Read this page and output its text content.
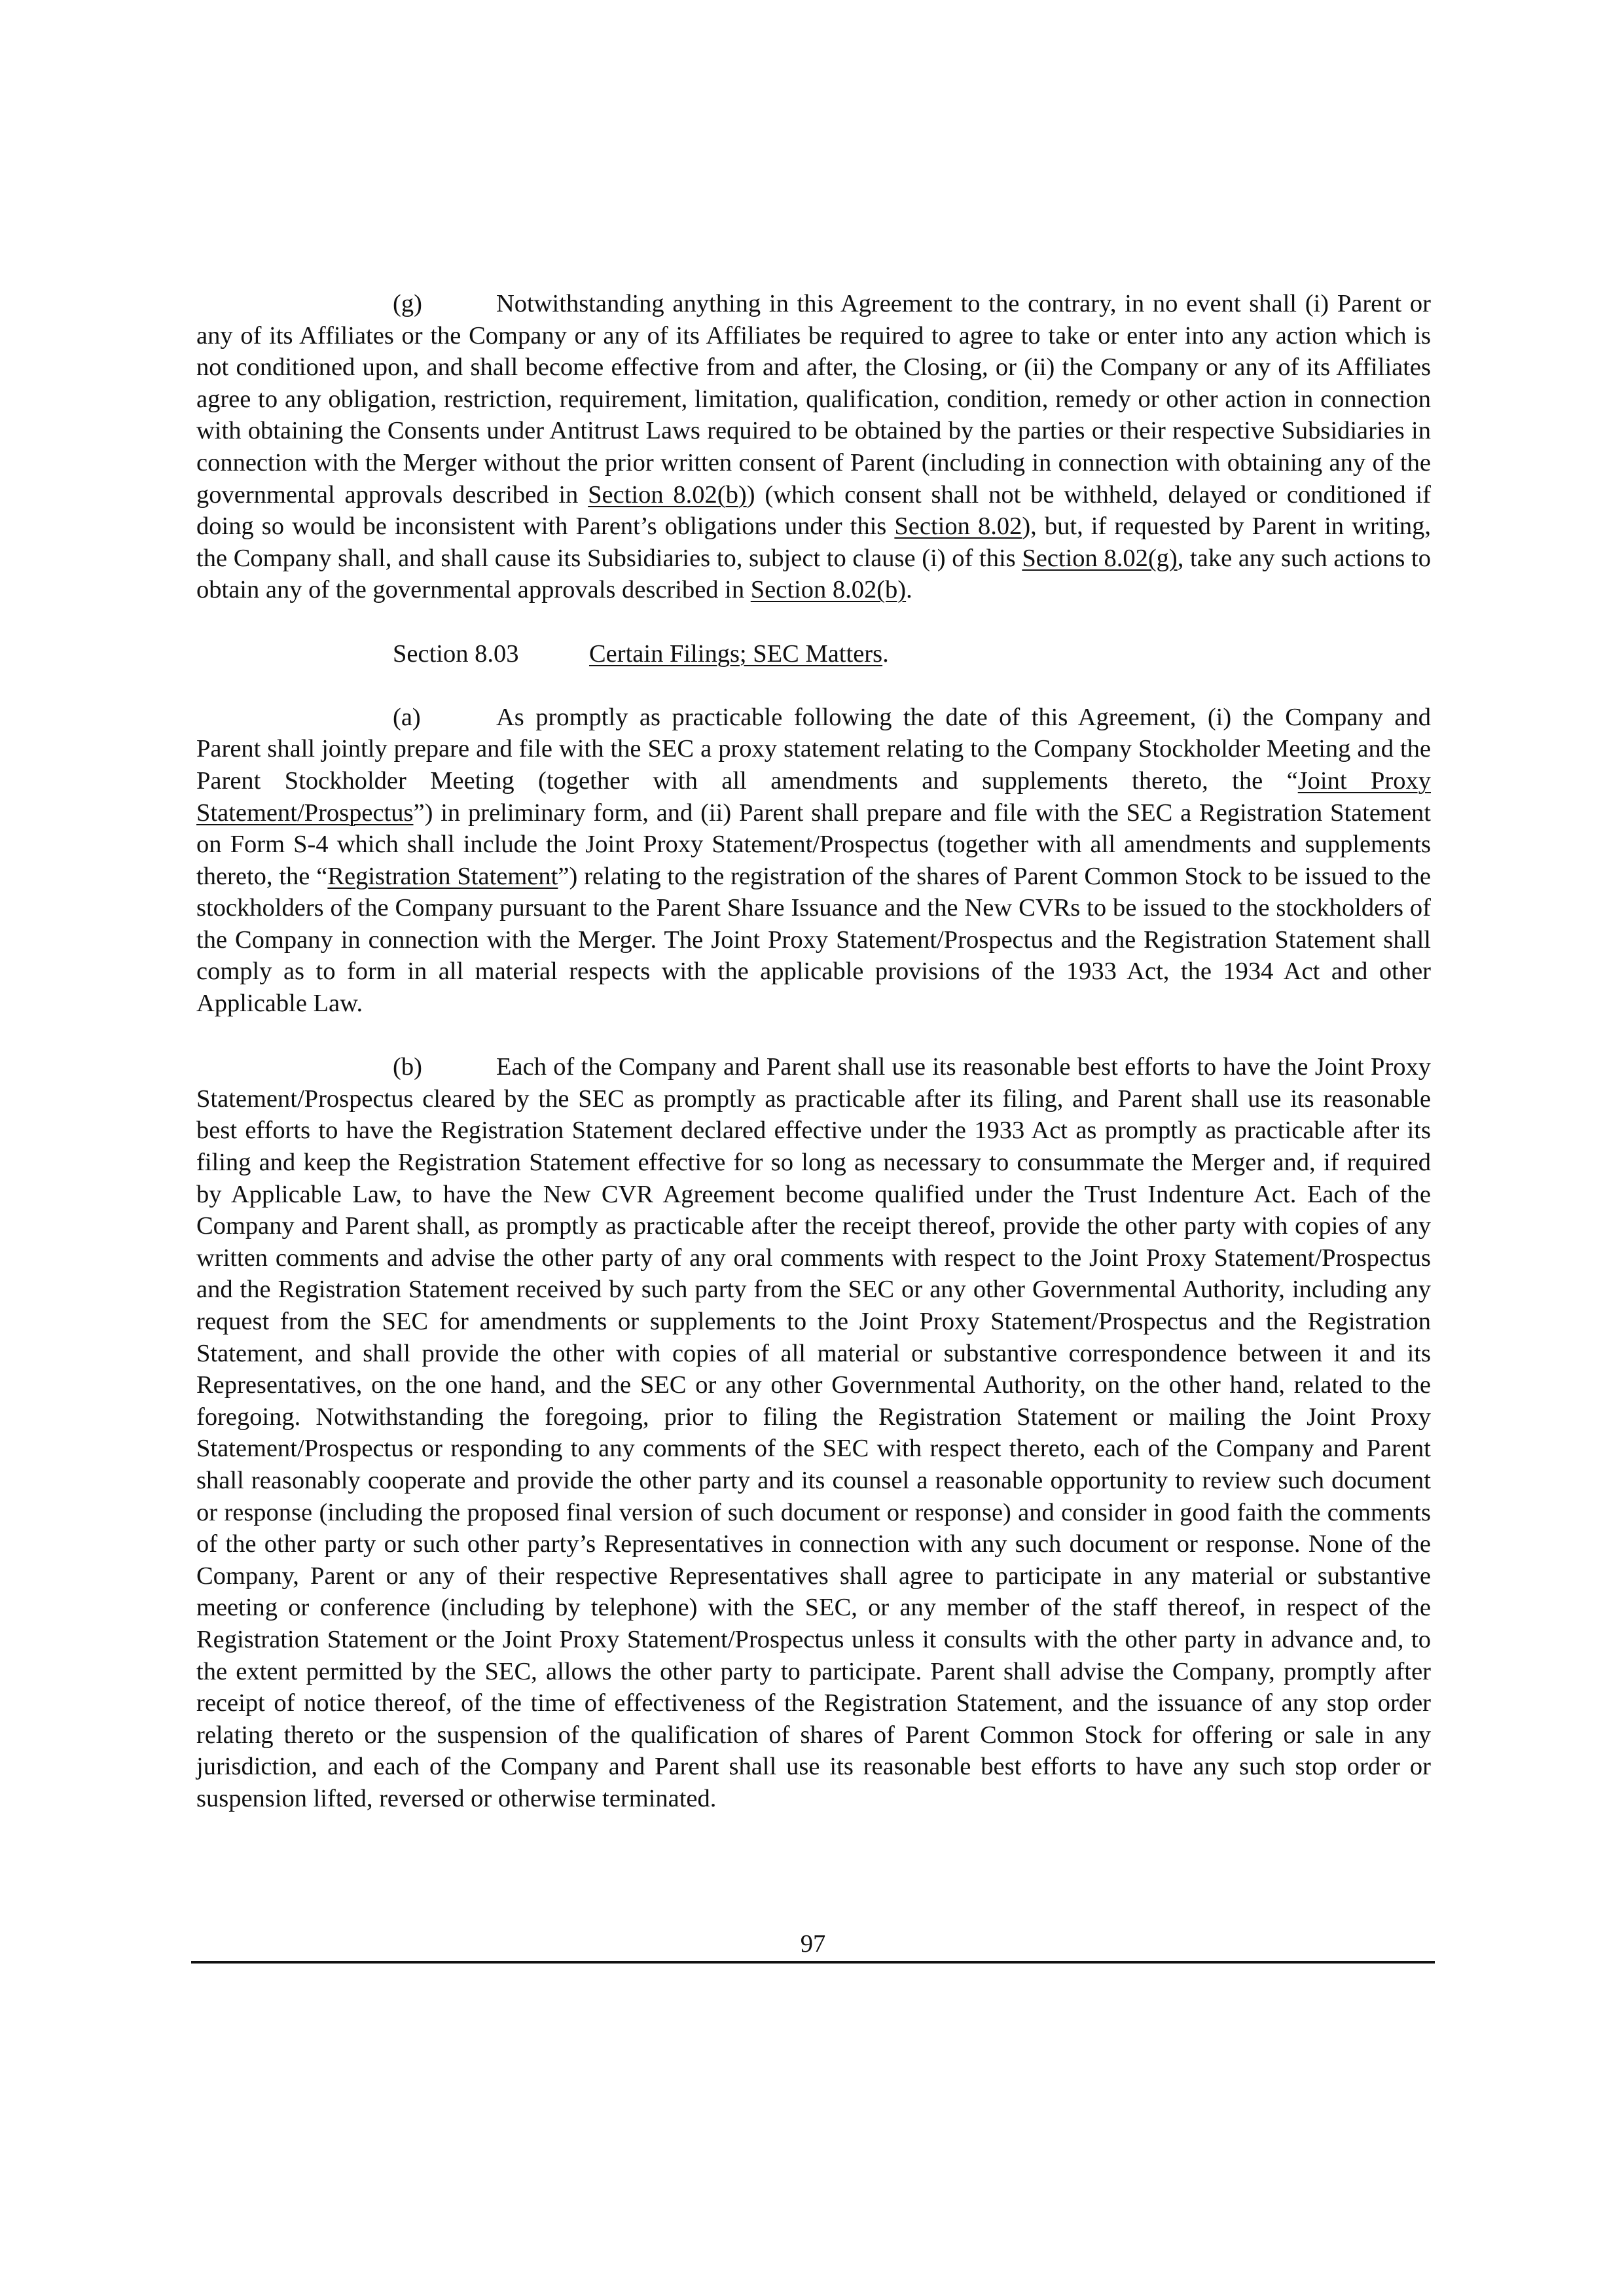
(g)	Notwithstanding anything in this Agreement to the contrary, in no event shall (i) Parent or any of its Affiliates or the Company or any of its Affiliates be required to agree to take or enter into any action which is not conditioned upon, and shall become effective from and after, the Closing, or (ii) the Company or any of its Affiliates agree to any obligation, restriction, requirement, limitation, qualification, condition, remedy or other action in connection with obtaining the Consents under Antitrust Laws required to be obtained by the parties or their respective Subsidiaries in connection with the Merger without the prior written consent of Parent (including in connection with obtaining any of the governmental approvals described in Section 8.02(b)) (which consent shall not be withheld, delayed or conditioned if doing so would be inconsistent with Parent’s obligations under this Section 8.02), but, if requested by Parent in writing, the Company shall, and shall cause its Subsidiaries to, subject to clause (i) of this Section 8.02(g), take any such actions to obtain any of the governmental approvals described in Section 8.02(b).

Section 8.03	Certain Filings; SEC Matters.

(a)	As promptly as practicable following the date of this Agreement, (i) the Company and Parent shall jointly prepare and file with the SEC a proxy statement relating to the Company Stockholder Meeting and the Parent Stockholder Meeting (together with all amendments and supplements thereto, the “Joint Proxy Statement/Prospectus”) in preliminary form, and (ii) Parent shall prepare and file with the SEC a Registration Statement on Form S-4 which shall include the Joint Proxy Statement/Prospectus (together with all amendments and supplements thereto, the “Registration Statement”) relating to the registration of the shares of Parent Common Stock to be issued to the stockholders of the Company pursuant to the Parent Share Issuance and the New CVRs to be issued to the stockholders of the Company in connection with the Merger. The Joint Proxy Statement/Prospectus and the Registration Statement shall comply as to form in all material respects with the applicable provisions of the 1933 Act, the 1934 Act and other Applicable Law.

(b)	Each of the Company and Parent shall use its reasonable best efforts to have the Joint Proxy Statement/Prospectus cleared by the SEC as promptly as practicable after its filing, and Parent shall use its reasonable best efforts to have the Registration Statement declared effective under the 1933 Act as promptly as practicable after its filing and keep the Registration Statement effective for so long as necessary to consummate the Merger and, if required by Applicable Law, to have the New CVR Agreement become qualified under the Trust Indenture Act. Each of the Company and Parent shall, as promptly as practicable after the receipt thereof, provide the other party with copies of any written comments and advise the other party of any oral comments with respect to the Joint Proxy Statement/Prospectus and the Registration Statement received by such party from the SEC or any other Governmental Authority, including any request from the SEC for amendments or supplements to the Joint Proxy Statement/Prospectus and the Registration Statement, and shall provide the other with copies of all material or substantive correspondence between it and its Representatives, on the one hand, and the SEC or any other Governmental Authority, on the other hand, related to the foregoing. Notwithstanding the foregoing, prior to filing the Registration Statement or mailing the Joint Proxy Statement/Prospectus or responding to any comments of the SEC with respect thereto, each of the Company and Parent shall reasonably cooperate and provide the other party and its counsel a reasonable opportunity to review such document or response (including the proposed final version of such document or response) and consider in good faith the comments of the other party or such other party’s Representatives in connection with any such document or response. None of the Company, Parent or any of their respective Representatives shall agree to participate in any material or substantive meeting or conference (including by telephone) with the SEC, or any member of the staff thereof, in respect of the Registration Statement or the Joint Proxy Statement/Prospectus unless it consults with the other party in advance and, to the extent permitted by the SEC, allows the other party to participate. Parent shall advise the Company, promptly after receipt of notice thereof, of the time of effectiveness of the Registration Statement, and the issuance of any stop order relating thereto or the suspension of the qualification of shares of Parent Common Stock for offering or sale in any jurisdiction, and each of the Company and Parent shall use its reasonable best efforts to have any such stop order or suspension lifted, reversed or otherwise terminated.

97
